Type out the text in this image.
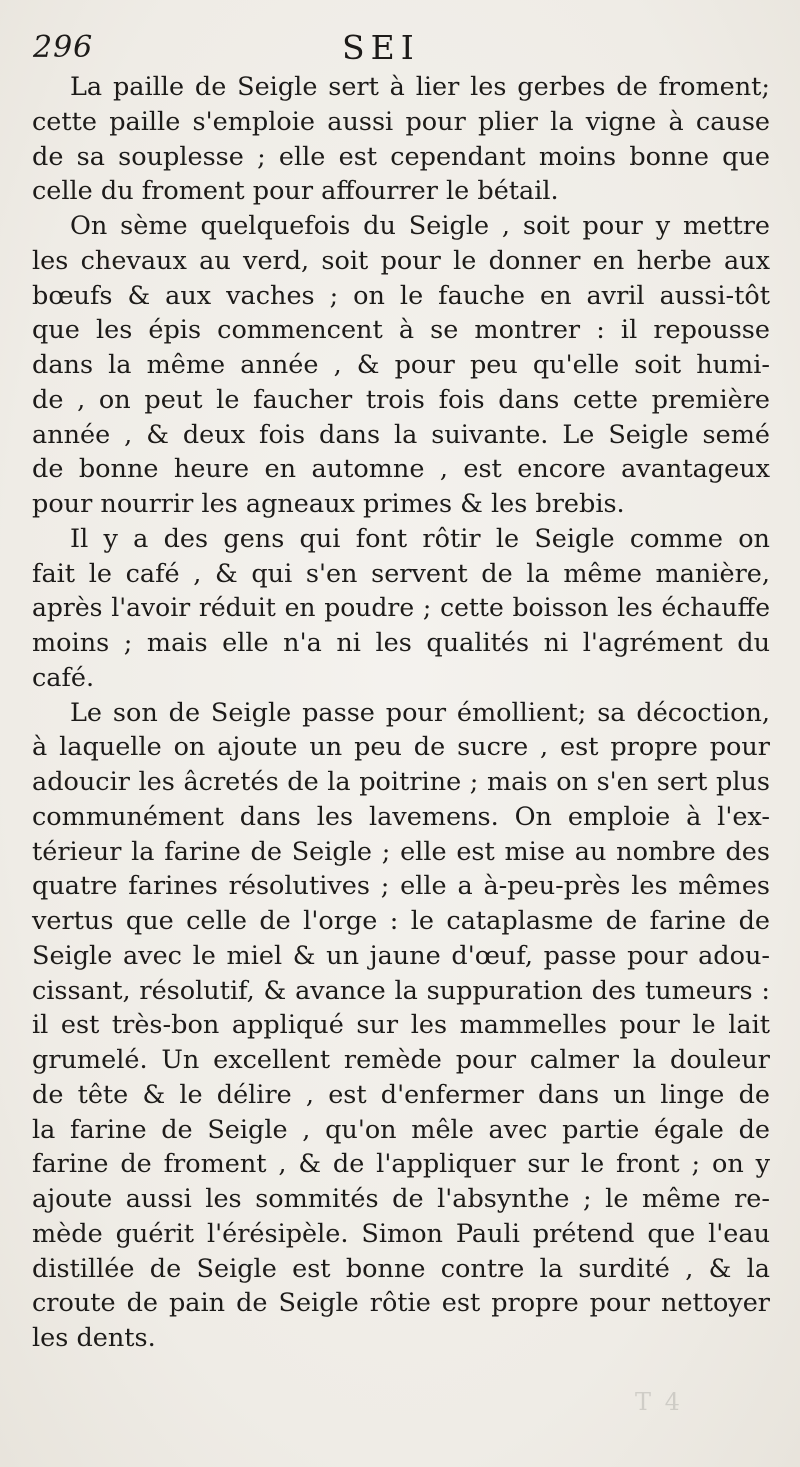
296	SEI
La paille de Seigle sert à lier les gerbes de froment;
cette paille s'emploie aussi pour plier la vigne à cause
de sa souplesse ; elle est cependant moins bonne que
celle du froment pour affourrer le bétail.
On sème quelquefois du Seigle , soit pour y mettre
les chevaux au verd, soit pour le donner en herbe aux
bœufs & aux vaches ; on le fauche en avril aussi-tôt
que les épis commencent à se montrer : il repousse
dans la même année , & pour peu qu'elle soit humi-
de , on peut le faucher trois fois dans cette première
année , & deux fois dans la suivante. Le Seigle semé
de bonne heure en automne , est encore avantageux
pour nourrir les agneaux primes & les brebis.
Il y a des gens qui font rôtir le Seigle comme on
fait le café , & qui s'en servent de la même manière,
après l'avoir réduit en poudre ; cette boisson les échauffe
moins ; mais elle n'a ni les qualités ni l'agrément du
café.
Le son de Seigle passe pour émollient; sa décoction,
à laquelle on ajoute un peu de sucre , est propre pour
adoucir les âcretés de la poitrine ; mais on s'en sert plus
communément dans les lavemens. On emploie à l'ex-
térieur la farine de Seigle ; elle est mise au nombre des
quatre farines résolutives ; elle a à-peu-près les mêmes
vertus que celle de l'orge : le cataplasme de farine de
Seigle avec le miel & un jaune d'œuf, passe pour adou-
cissant, résolutif, & avance la suppuration des tumeurs :
il est très-bon appliqué sur les mammelles pour le lait
grumelé. Un excellent remède pour calmer la douleur
de tête & le délire , est d'enfermer dans un linge de
la farine de Seigle , qu'on mêle avec partie égale de
farine de froment , & de l'appliquer sur le front ; on y
ajoute aussi les sommités de l'absynthe ; le même re-
mède guérit l'érésipèle. Simon Pauli prétend que l'eau
distillée de Seigle est bonne contre la surdité , & la
croute de pain de Seigle rôtie est propre pour nettoyer
les dents.
T 4
